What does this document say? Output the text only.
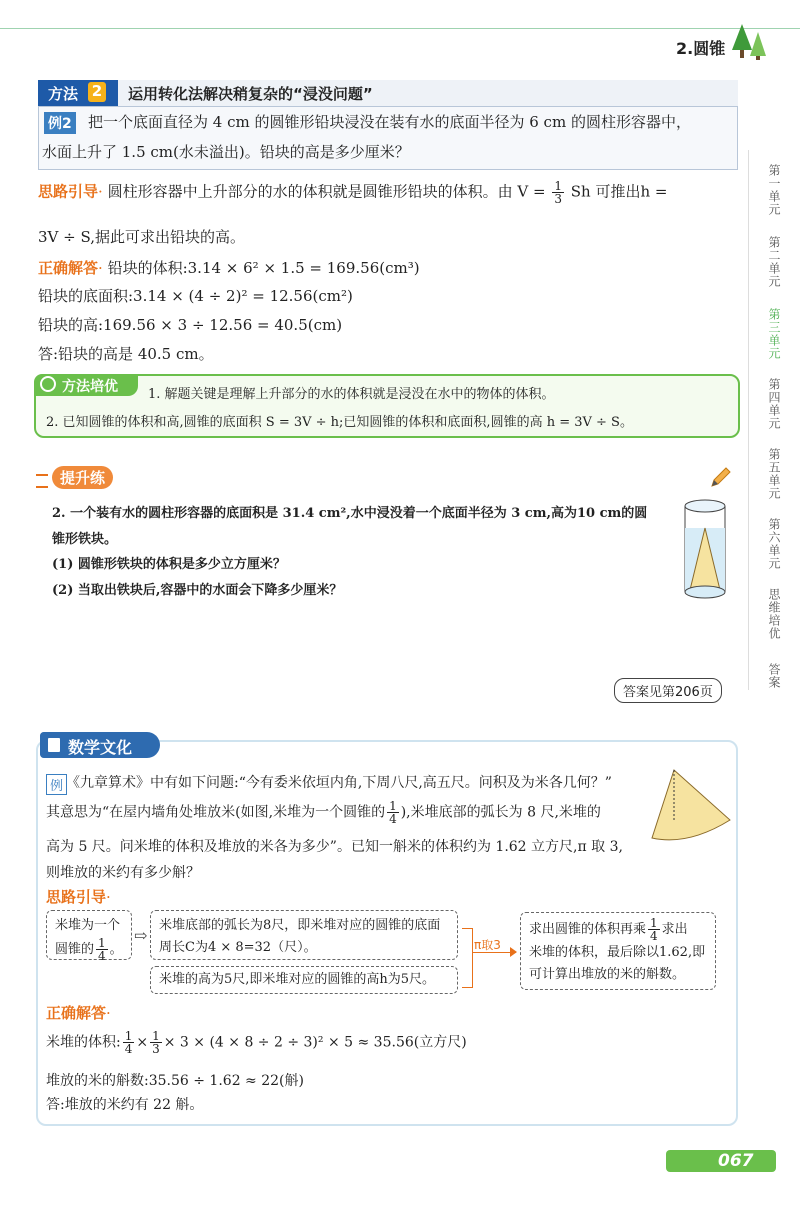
2.圆锥
方法 2 运用转化法解决稍复杂的“浸没问题”
例2 把一个底面直径为 4 cm 的圆锥形铅块浸没在装有水的底面半径为 6 cm 的圆柱形容器中，
水面上升了 1.5 cm(水未溢出)。铅块的高是多少厘米？
思路引导· 圆柱形容器中上升部分的水的体积就是圆锥形铅块的体积。由 $V = \frac{1}{3}$ Sh 可推出h =
3V ÷ S,据此可求出铅块的高。
正确解答· 铅块的体积:3.14 × 6² × 1.5 = 169.56(cm³)
铅块的底面积:3.14 × (4 ÷ 2)² = 12.56(cm²)
铅块的高:169.56 × 3 ÷ 12.56 = 40.5(cm)
答:铅块的高是 40.5 cm。
方法培优 1. 解题关键是理解上升部分的水的体积就是浸没在水中的物体的体积。
2. 已知圆锥的体积和高,圆锥的底面积 S = 3V ÷ h;已知圆锥的体积和底面积,圆锥的高 h = 3V ÷ S。
提升练
2. 一个装有水的圆柱形容器的底面积是 31.4 cm²,水中浸没着一个底面半径为 3 cm,高为10 cm的圆
锥形铁块。
(1) 圆锥形铁块的体积是多少立方厘米？
(2) 当取出铁块后,容器中的水面会下降多少厘米？
答案见第206页
数学文化
例 《九章算术》中有如下问题:“今有委米依垣内角,下周八尺,高五尺。问积及为米各几何？”
其意思为“在屋内墙角处堆放米(如图,米堆为一个圆锥的 $\frac{1}{4}$ ),米堆底部的弧长为 8 尺,米堆的
高为 5 尺。问米堆的体积及堆放的米各为多少”。已知一斛米的体积约为 1.62 立方尺,π 取 3,
则堆放的米约有多少斛？
思路引导·
米堆为一个
圆锥的 $\frac{1}{4}$ 。
⇨
米堆底部的弧长为8尺，即米堆对应的圆锥的底面周长C为4 × 8=32（尺）。
米堆的高为5尺,即米堆对应的圆锥的高h为5尺。
π取3
求出圆锥的体积再乘 $\frac{1}{4}$ 求出
米堆的体积，最后除以1.62,即可计算出堆放的米的斛数。
正确解答·
米堆的体积: $\frac{1}{4} \times \frac{1}{3} \times 3 \times (4 \times 8 \div 2 \div 3)^2 \times 5 \approx 35.56$(立方尺)
堆放的米的斛数:35.56 ÷ 1.62 ≈ 22(斛)
答:堆放的米约有 22 斛。
第一单元
第二单元
第三单元
第四单元
第五单元
第六单元
思维培优
答案
067
